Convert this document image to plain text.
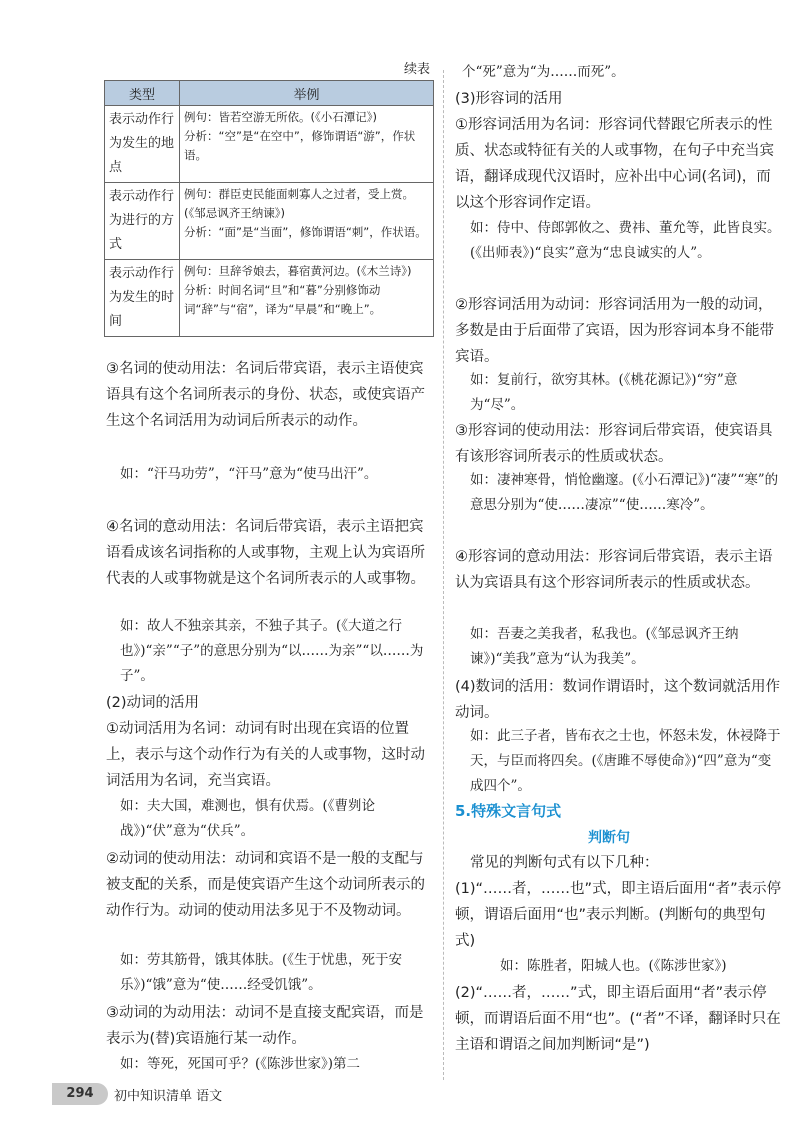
续表
类型	举例
表示动作行为发生的地点	例句：皆若空游无所依。(《小石潭记》)
分析：“空”是“在空中”，修饰谓语“游”，作状语。

表示动作行为进行的方式	例句：群臣吏民能面刺寡人之过者，受上赏。(《邹忌讽齐王纳谏》)
分析：“面”是“当面”，修饰谓语“刺”，作状语。

表示动作行为发生的时间	例句：旦辞爷娘去，暮宿黄河边。(《木兰诗》)
分析：时间名词“旦”和“暮”分别修饰动词“辞”与“宿”，译为“早晨”和“晚上”。
③名词的使动用法：名词后带宾语，表示主语使宾语具有这个名词所表示的身份、状态，或使宾语产生这个名词活用为动词后所表示的动作。
如：“汗马功劳”，“汗马”意为“使马出汗”。
④名词的意动用法：名词后带宾语，表示主语把宾语看成该名词指称的人或事物，主观上认为宾语所代表的人或事物就是这个名词所表示的人或事物。
如：故人不独亲其亲，不独子其子。(《大道之行也》)“亲”“子”的意思分别为“以……为亲”“以……为子”。
(2)动词的活用
①动词活用为名词：动词有时出现在宾语的位置上，表示与这个动作行为有关的人或事物，这时动词活用为名词，充当宾语。
如：夫大国，难测也，惧有伏焉。(《曹刿论战》)“伏”意为“伏兵”。
②动词的使动用法：动词和宾语不是一般的支配与被支配的关系，而是使宾语产生这个动词所表示的动作行为。动词的使动用法多见于不及物动词。
如：劳其筋骨，饿其体肤。(《生于忧患，死于安乐》)“饿”意为“使……经受饥饿”。
③动词的为动用法：动词不是直接支配宾语，而是表示为(替)宾语施行某一动作。
如：等死，死国可乎？(《陈涉世家》)第二
个“死”意为“为……而死”。
(3)形容词的活用
①形容词活用为名词：形容词代替跟它所表示的性质、状态或特征有关的人或事物，在句子中充当宾语，翻译成现代汉语时，应补出中心词(名词)，而以这个形容词作定语。
如：侍中、侍郎郭攸之、费祎、董允等，此皆良实。(《出师表》)“良实”意为“忠良诚实的人”。
②形容词活用为动词：形容词活用为一般的动词，多数是由于后面带了宾语，因为形容词本身不能带宾语。
如：复前行，欲穷其林。(《桃花源记》)“穷”意为“尽”。
③形容词的使动用法：形容词后带宾语，使宾语具有该形容词所表示的性质或状态。
如：凄神寒骨，悄怆幽邃。(《小石潭记》)“凄”“寒”的意思分别为“使……凄凉”“使……寒冷”。
④形容词的意动用法：形容词后带宾语，表示主语认为宾语具有这个形容词所表示的性质或状态。
如：吾妻之美我者，私我也。(《邹忌讽齐王纳谏》)“美我”意为“认为我美”。
(4)数词的活用：数词作谓语时，这个数词就活用作动词。
如：此三子者，皆布衣之士也，怀怒未发，休祲降于天，与臣而将四矣。(《唐雎不辱使命》)“四”意为“变成四个”。
5.特殊文言句式
判断句
常见的判断句式有以下几种：
(1)“……者，……也”式，即主语后面用“者”表示停顿，谓语后面用“也”表示判断。(判断句的典型句式)
如：陈胜者，阳城人也。(《陈涉世家》)
(2)“……者，……”式，即主语后面用“者”表示停顿，而谓语后面不用“也”。(“者”不译，翻译时只在主语和谓语之间加判断词“是”)
294	初中知识清单 语文
